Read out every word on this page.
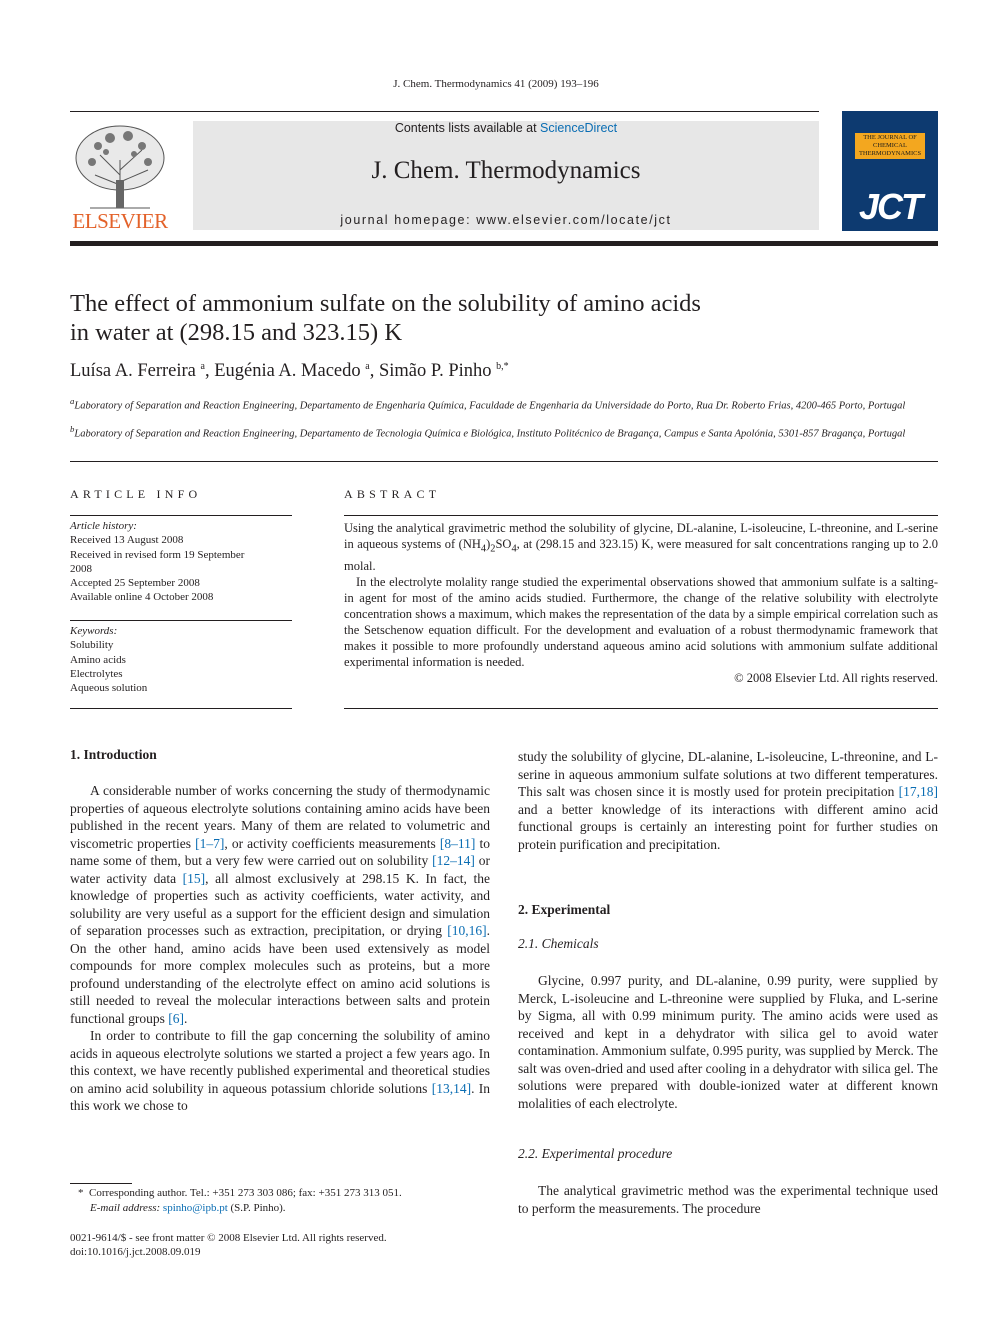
J. Chem. Thermodynamics 41 (2009) 193–196
ELSEVIER
Contents lists available at ScienceDirect
J. Chem. Thermodynamics
journal homepage: www.elsevier.com/locate/jct
THE JOURNAL OF CHEMICAL THERMODYNAMICS
JCT
The effect of ammonium sulfate on the solubility of amino acids
in water at (298.15 and 323.15) K
Luísa A. Ferreira $^a$, Eugénia A. Macedo $^a$, Simão P. Pinho $^{b,*}$
$^a$Laboratory of Separation and Reaction Engineering, Departamento de Engenharia Química, Faculdade de Engenharia da Universidade do Porto, Rua Dr. Roberto Frias, 4200-465 Porto, Portugal
$^b$Laboratory of Separation and Reaction Engineering, Departamento de Tecnologia Química e Biológica, Instituto Politécnico de Bragança, Campus e Santa Apolónia, 5301-857 Bragança, Portugal
ARTICLE INFO
Article history:
Received 13 August 2008
Received in revised form 19 September
2008
Accepted 25 September 2008
Available online 4 October 2008
Keywords:
Solubility
Amino acids
Electrolytes
Aqueous solution
ABSTRACT

Using the analytical gravimetric method the solubility of glycine, DL-alanine, L-isoleucine, L-threonine, and L-serine in aqueous systems of $(NH_4)_2SO_4$, at (298.15 and 323.15) K, were measured for salt concentrations ranging up to 2.0 molal.

In the electrolyte molality range studied the experimental observations showed that ammonium sulfate is a salting-in agent for most of the amino acids studied. Furthermore, the change of the relative solubility with electrolyte concentration shows a maximum, which makes the representation of the data by a simple empirical correlation such as the Setschenow equation difficult. For the development and evaluation of a robust thermodynamic framework that makes it possible to more profoundly understand aqueous amino acid solutions with ammonium sulfate additional experimental information is needed.

© 2008 Elsevier Ltd. All rights reserved.
1. Introduction

A considerable number of works concerning the study of thermodynamic properties of aqueous electrolyte solutions containing amino acids have been published in the recent years. Many of them are related to volumetric and viscometric properties [1–7], or activity coefficients measurements [8–11] to name some of them, but a very few were carried out on solubility [12–14] or water activity data [15], all almost exclusively at 298.15 K. In fact, the knowledge of properties such as activity coefficients, water activity, and solubility are very useful as a support for the efficient design and simulation of separation processes such as extraction, precipitation, or drying [10,16]. On the other hand, amino acids have been used extensively as model compounds for more complex molecules such as proteins, but a more profound understanding of the electrolyte effect on amino acid solutions is still needed to reveal the molecular interactions between salts and protein functional groups [6].

In order to contribute to fill the gap concerning the solubility of amino acids in aqueous electrolyte solutions we started a project a few years ago. In this context, we have recently published experimental and theoretical studies on amino acid solubility in aqueous potassium chloride solutions [13,14]. In this work we chose to

* Corresponding author. Tel.: +351 273 303 086; fax: +351 273 313 051.
E-mail address: spinho@ipb.pt (S.P. Pinho).
0021-9614/$ - see front matter © 2008 Elsevier Ltd. All rights reserved.
doi:10.1016/j.jct.2008.09.019

study the solubility of glycine, DL-alanine, L-isoleucine, L-threonine, and L-serine in aqueous ammonium sulfate solutions at two different temperatures. This salt was chosen since it is mostly used for protein precipitation [17,18] and a better knowledge of its interactions with different amino acid functional groups is certainly an interesting point for further studies on protein purification and precipitation.

2. Experimental
2.1. Chemicals

Glycine, 0.997 purity, and DL-alanine, 0.99 purity, were supplied by Merck, L-isoleucine and L-threonine were supplied by Fluka, and L-serine by Sigma, all with 0.99 minimum purity. The amino acids were used as received and kept in a dehydrator with silica gel to avoid water contamination. Ammonium sulfate, 0.995 purity, was supplied by Merck. The salt was oven-dried and used after cooling in a dehydrator with silica gel. The solutions were prepared with double-ionized water at different known molalities of each electrolyte.

2.2. Experimental procedure

The analytical gravimetric method was the experimental technique used to perform the measurements. The procedure
